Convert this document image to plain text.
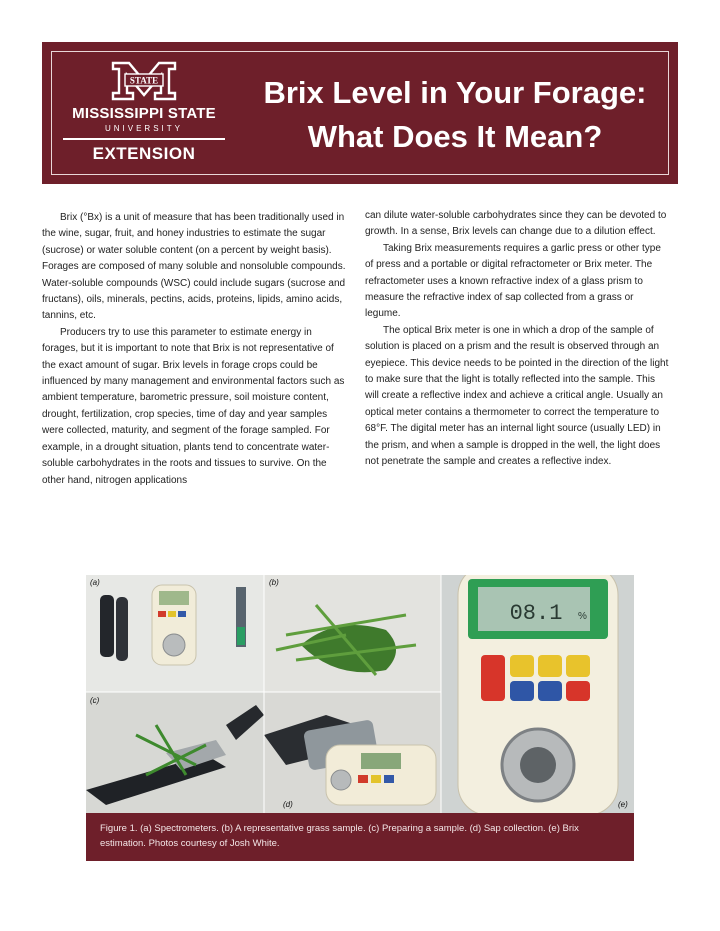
STATE
MISSISSIPPI STATE
UNIVERSITY
EXTENSION
Brix Level in Your Forage:
What Does It Mean?

Brix (°Bx) is a unit of measure that has been traditionally used in the wine, sugar, fruit, and honey industries to estimate the sugar (sucrose) or water soluble content (on a percent by weight basis). Forages are composed of many soluble and nonsoluble compounds. Water-soluble compounds (WSC) could include sugars (sucrose and fructans), oils, minerals, pectins, acids, proteins, lipids, amino acids, tannins, etc.

Producers try to use this parameter to estimate energy in forages, but it is important to note that Brix is not representative of the exact amount of sugar. Brix levels in forage crops could be influenced by many management and environmental factors such as ambient temperature, barometric pressure, soil moisture content, drought, fertilization, crop species, time of day and year samples were collected, maturity, and segment of the forage sampled. For example, in a drought situation, plants tend to concentrate water-soluble carbohydrates in the roots and tissues to survive. On the other hand, nitrogen applications

can dilute water-soluble carbohydrates since they can be devoted to growth. In a sense, Brix levels can change due to a dilution effect.

Taking Brix measurements requires a garlic press or other type of press and a portable or digital refractometer or Brix meter. The refractometer uses a known refractive index of a glass prism to measure the refractive index of sap collected from a grass or legume.

The optical Brix meter is one in which a drop of the sample of solution is placed on a prism and the result is observed through an eyepiece. This device needs to be pointed in the direction of the light to make sure that the light is totally reflected into the sample. This will create a reflective index and achieve a critical angle. Usually an optical meter contains a thermometer to correct the temperature to 68°F. The digital meter has an internal light source (usually LED) in the prism, and when a sample is dropped in the well, the light does not penetrate the sample and creates a reflective index.

(a)	(b)
(c)
(d)
08.1 %
(e)
Figure 1. (a) Spectrometers. (b) A representative grass sample. (c) Preparing a sample. (d) Sap collection. (e) Brix estimation. Photos courtesy of Josh White.
